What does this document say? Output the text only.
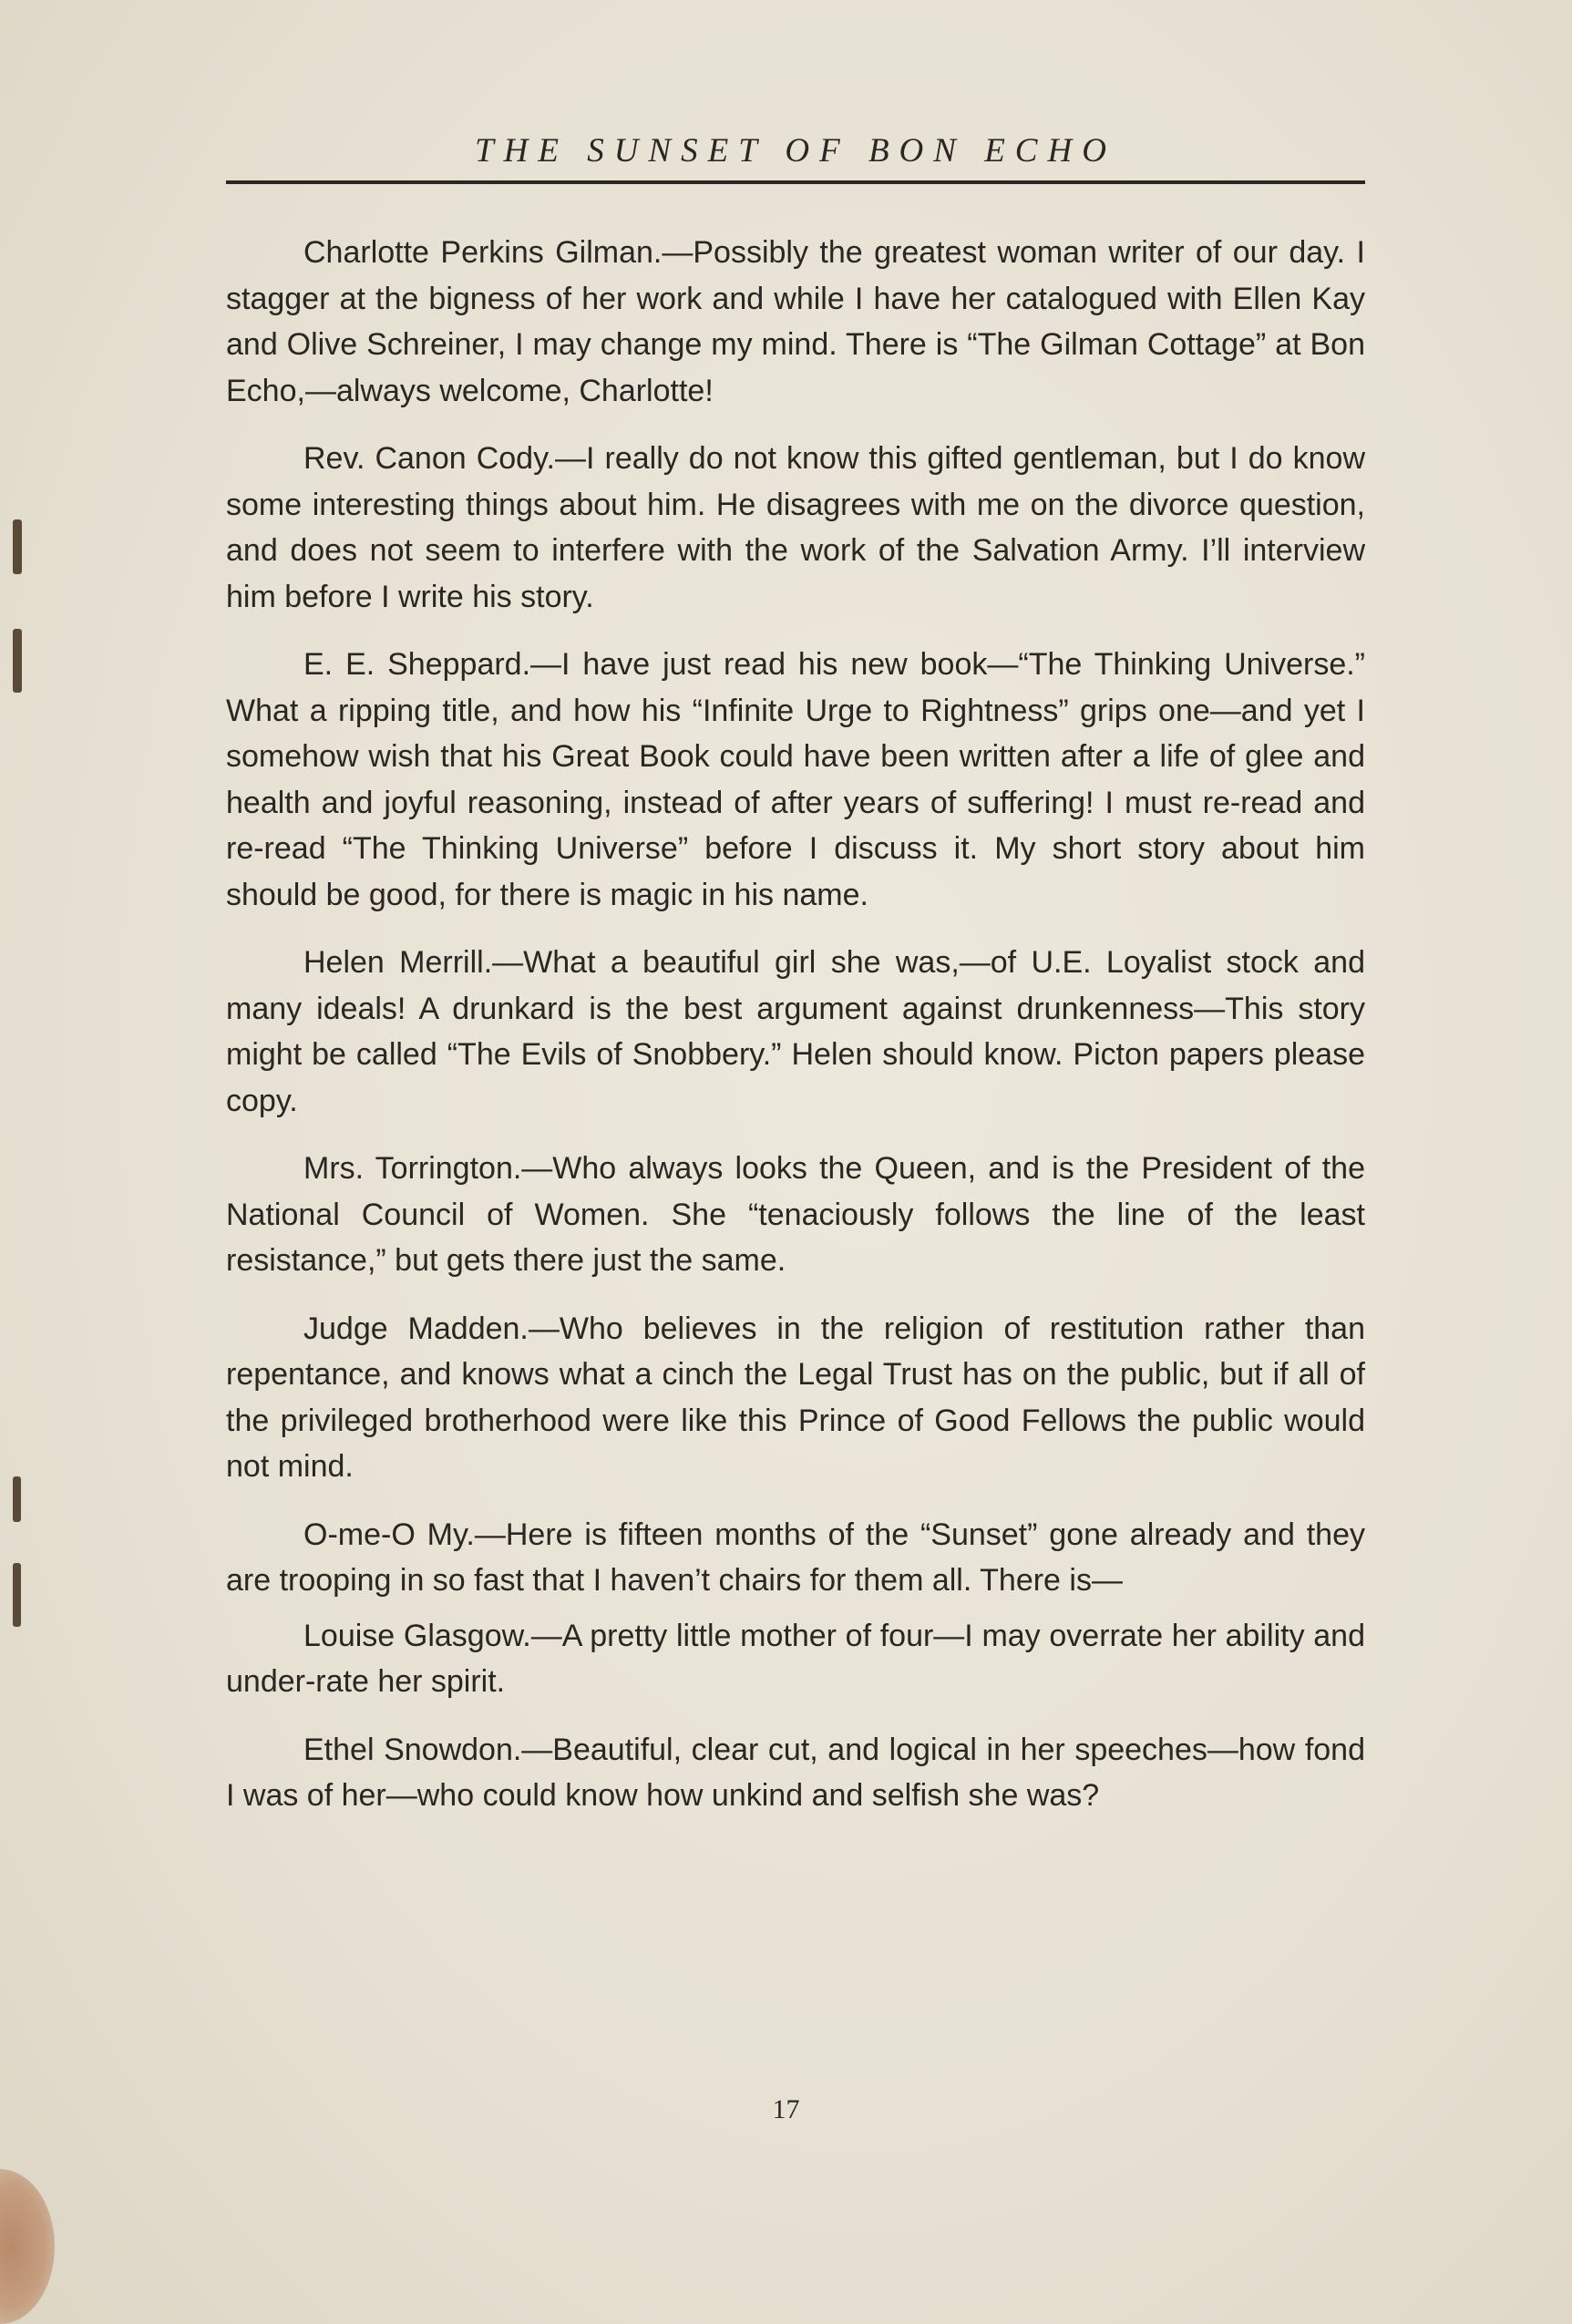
THE SUNSET OF BON ECHO

Charlotte Perkins Gilman.—Possibly the greatest woman writer of our day. I stagger at the bigness of her work and while I have her catalogued with Ellen Kay and Olive Schreiner, I may change my mind. There is “The Gilman Cottage” at Bon Echo,—always welcome, Charlotte!

Rev. Canon Cody.—I really do not know this gifted gentleman, but I do know some interesting things about him. He disagrees with me on the divorce question, and does not seem to interfere with the work of the Salvation Army. I’ll interview him before I write his story.

E. E. Sheppard.—I have just read his new book—“The Thinking Universe.” What a ripping title, and how his “Infinite Urge to Rightness” grips one—and yet I somehow wish that his Great Book could have been written after a life of glee and health and joyful reasoning, instead of after years of suffering! I must re-read and re-read “The Thinking Universe” before I discuss it. My short story about him should be good, for there is magic in his name.

Helen Merrill.—What a beautiful girl she was,—of U.E. Loyalist stock and many ideals! A drunkard is the best argument against drunkenness—This story might be called “The Evils of Snobbery.” Helen should know. Picton papers please copy.

Mrs. Torrington.—Who always looks the Queen, and is the President of the National Council of Women. She “tenaciously follows the line of the least resistance,” but gets there just the same.

Judge Madden.—Who believes in the religion of restitution rather than repentance, and knows what a cinch the Legal Trust has on the public, but if all of the privileged brotherhood were like this Prince of Good Fellows the public would not mind.

O-me-O My.—Here is fifteen months of the “Sunset” gone already and they are trooping in so fast that I haven’t chairs for them all. There is—

Louise Glasgow.—A pretty little mother of four—I may overrate her ability and under-rate her spirit.

Ethel Snowdon.—Beautiful, clear cut, and logical in her speeches—how fond I was of her—who could know how unkind and selfish she was?

17
